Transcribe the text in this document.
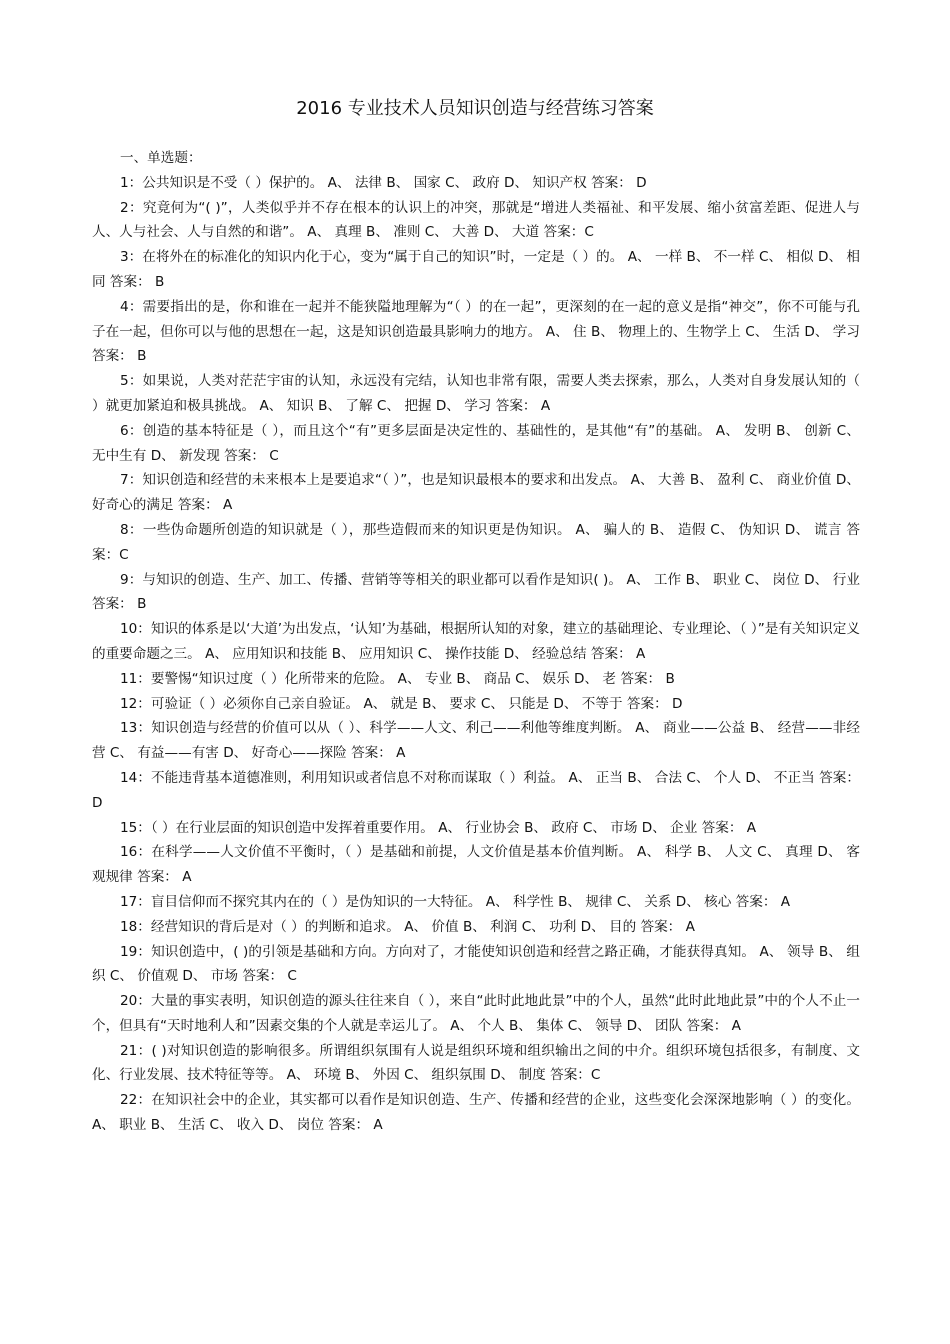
2016 专业技术人员知识创造与经营练习答案

一、单选题：

1：公共知识是不受（ ）保护的。 A、 法律 B、 国家 C、 政府 D、 知识产权 答案： D

2：究竟何为“( )”，人类似乎并不存在根本的认识上的冲突，那就是“增进人类福祉、和平发展、缩小贫富差距、促进人与人、人与社会、人与自然的和谐”。 A、 真理 B、 准则 C、 大善 D、 大道 答案：C

3：在将外在的标准化的知识内化于心，变为“属于自己的知识”时，一定是（ ）的。 A、 一样 B、 不一样 C、 相似 D、 相同 答案： B

4：需要指出的是，你和谁在一起并不能狭隘地理解为“（ ）的在一起”，更深刻的在一起的意义是指“神交”，你不可能与孔子在一起，但你可以与他的思想在一起，这是知识创造最具影响力的地方。 A、 住 B、 物理上的、生物学上 C、 生活 D、 学习 答案： B

5：如果说，人类对茫茫宇宙的认知，永远没有完结，认知也非常有限，需要人类去探索，那么，人类对自身发展认知的（ ）就更加紧迫和极具挑战。 A、 知识 B、 了解 C、 把握 D、 学习 答案： A

6：创造的基本特征是（ ），而且这个“有”更多层面是决定性的、基础性的，是其他“有”的基础。 A、 发明 B、 创新 C、 无中生有 D、 新发现 答案： C

7：知识创造和经营的未来根本上是要追求“（ ）”，也是知识最根本的要求和出发点。 A、 大善 B、 盈利 C、 商业价值 D、 好奇心的满足 答案： A

8：一些伪命题所创造的知识就是（ ），那些造假而来的知识更是伪知识。 A、 骗人的 B、 造假 C、 伪知识 D、 谎言 答案：C

9：与知识的创造、生产、加工、传播、营销等等相关的职业都可以看作是知识( )。 A、 工作 B、 职业 C、 岗位 D、 行业 答案： B

10：知识的体系是以‘大道’为出发点，‘认知’为基础，根据所认知的对象，建立的基础理论、专业理论、（ ）”是有关知识定义的重要命题之三。 A、 应用知识和技能 B、 应用知识 C、 操作技能 D、 经验总结 答案： A

11：要警惕“知识过度（ ）化所带来的危险。 A、 专业 B、 商品 C、 娱乐 D、 老 答案： B

12：可验证（ ）必须你自己亲自验证。 A、 就是 B、 要求 C、 只能是 D、 不等于 答案： D

13：知识创造与经营的价值可以从（ ）、科学——人文、利己——利他等维度判断。 A、 商业——公益 B、 经营——非经营 C、 有益——有害 D、 好奇心——探险 答案： A

14：不能违背基本道德准则，利用知识或者信息不对称而谋取（ ）利益。 A、 正当 B、 合法 C、 个人 D、 不正当 答案： D

15：（ ）在行业层面的知识创造中发挥着重要作用。 A、 行业协会 B、 政府 C、 市场 D、 企业 答案： A

16：在科学——人文价值不平衡时，（ ）是基础和前提，人文价值是基本价值判断。 A、 科学 B、 人文 C、 真理 D、 客观规律 答案： A

17：盲目信仰而不探究其内在的（ ）是伪知识的一大特征。 A、 科学性 B、 规律 C、 关系 D、 核心 答案： A

18：经营知识的背后是对（ ）的判断和追求。 A、 价值 B、 利润 C、 功利 D、 目的 答案： A

19：知识创造中，( )的引领是基础和方向。方向对了，才能使知识创造和经营之路正确，才能获得真知。 A、 领导 B、 组织 C、 价值观 D、 市场 答案： C

20：大量的事实表明，知识创造的源头往往来自（ ），来自“此时此地此景”中的个人，虽然“此时此地此景”中的个人不止一个，但具有“天时地利人和”因素交集的个人就是幸运儿了。 A、 个人 B、 集体 C、 领导 D、 团队 答案： A

21：( )对知识创造的影响很多。所谓组织氛围有人说是组织环境和组织输出之间的中介。组织环境包括很多，有制度、文化、行业发展、技术特征等等。 A、 环境 B、 外因 C、 组织氛围 D、 制度 答案：C

22：在知识社会中的企业，其实都可以看作是知识创造、生产、传播和经营的企业，这些变化会深深地影响（ ）的变化。 A、 职业 B、 生活 C、 收入 D、 岗位 答案： A
